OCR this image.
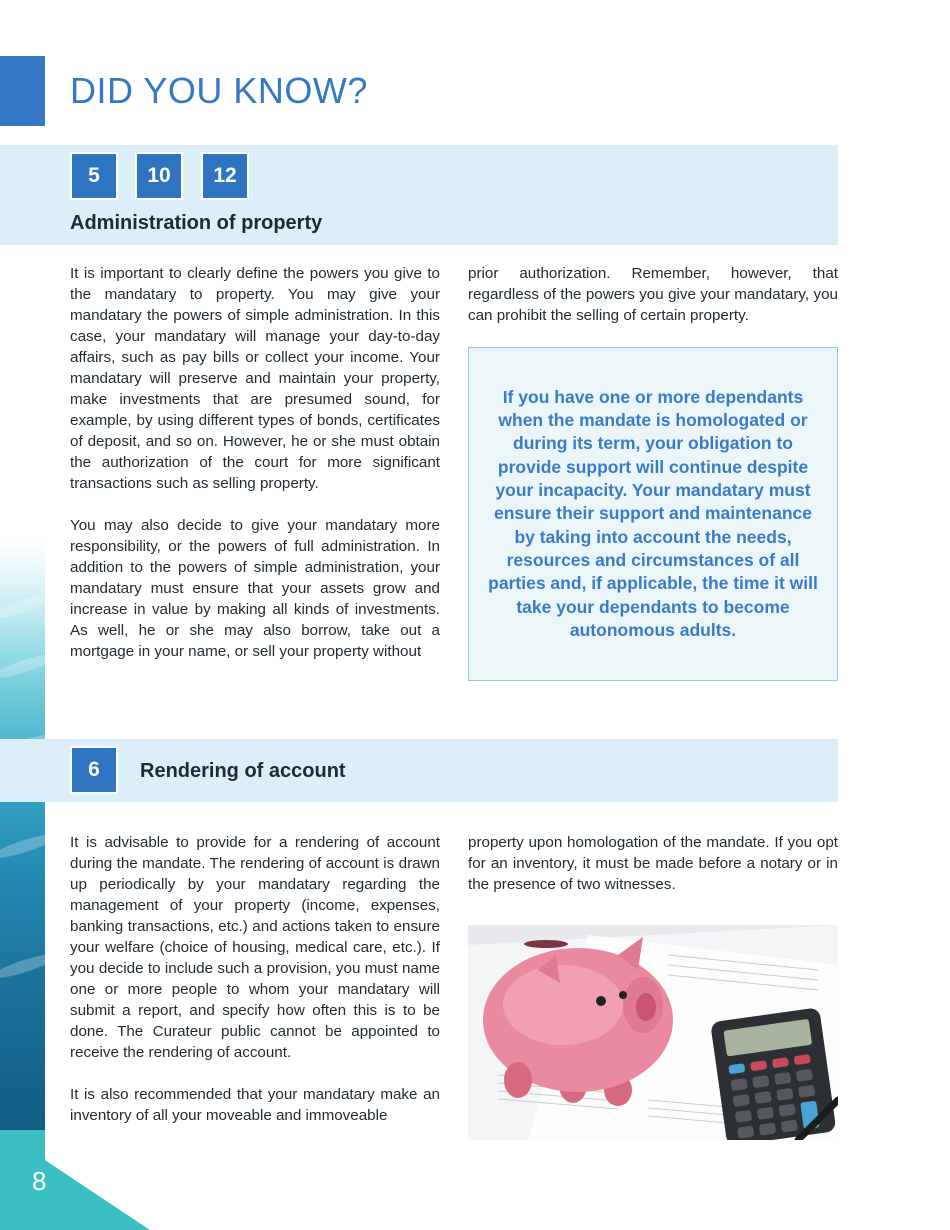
DID YOU KNOW?
5	10	12
Administration of property

It is important to clearly define the powers you give to the mandatary to property. You may give your mandatary the powers of simple administration. In this case, your mandatary will manage your day-to-day affairs, such as pay bills or collect your income. Your mandatary will preserve and maintain your property, make investments that are presumed sound, for example, by using different types of bonds, certificates of deposit, and so on. However, he or she must obtain the authorization of the court for more significant transactions such as selling property.

You may also decide to give your mandatary more responsibility, or the powers of full administration. In addition to the powers of simple administration, your mandatary must ensure that your assets grow and increase in value by making all kinds of investments. As well, he or she may also borrow, take out a mortgage in your name, or sell your property without

prior authorization. Remember, however, that regardless of the powers you give your mandatary, you can prohibit the selling of certain property.

If you have one or more dependants when the mandate is homologated or during its term, your obligation to provide support will continue despite your incapacity. Your mandatary must ensure their support and maintenance by taking into account the needs, resources and circumstances of all parties and, if applicable, the time it will take your dependants to become autonomous adults.

6	Rendering of account

It is advisable to provide for a rendering of account during the mandate. The rendering of account is drawn up periodically by your mandatary regarding the management of your property (income, expenses, banking transactions, etc.) and actions taken to ensure your welfare (choice of housing, medical care, etc.). If you decide to include such a provision, you must name one or more people to whom your mandatary will submit a report, and specify how often this is to be done. The Curateur public cannot be appointed to receive the rendering of account.

It is also recommended that your mandatary make an inventory of all your moveable and immoveable

property upon homologation of the mandate. If you opt for an inventory, it must be made before a notary or in the presence of two witnesses.

8
